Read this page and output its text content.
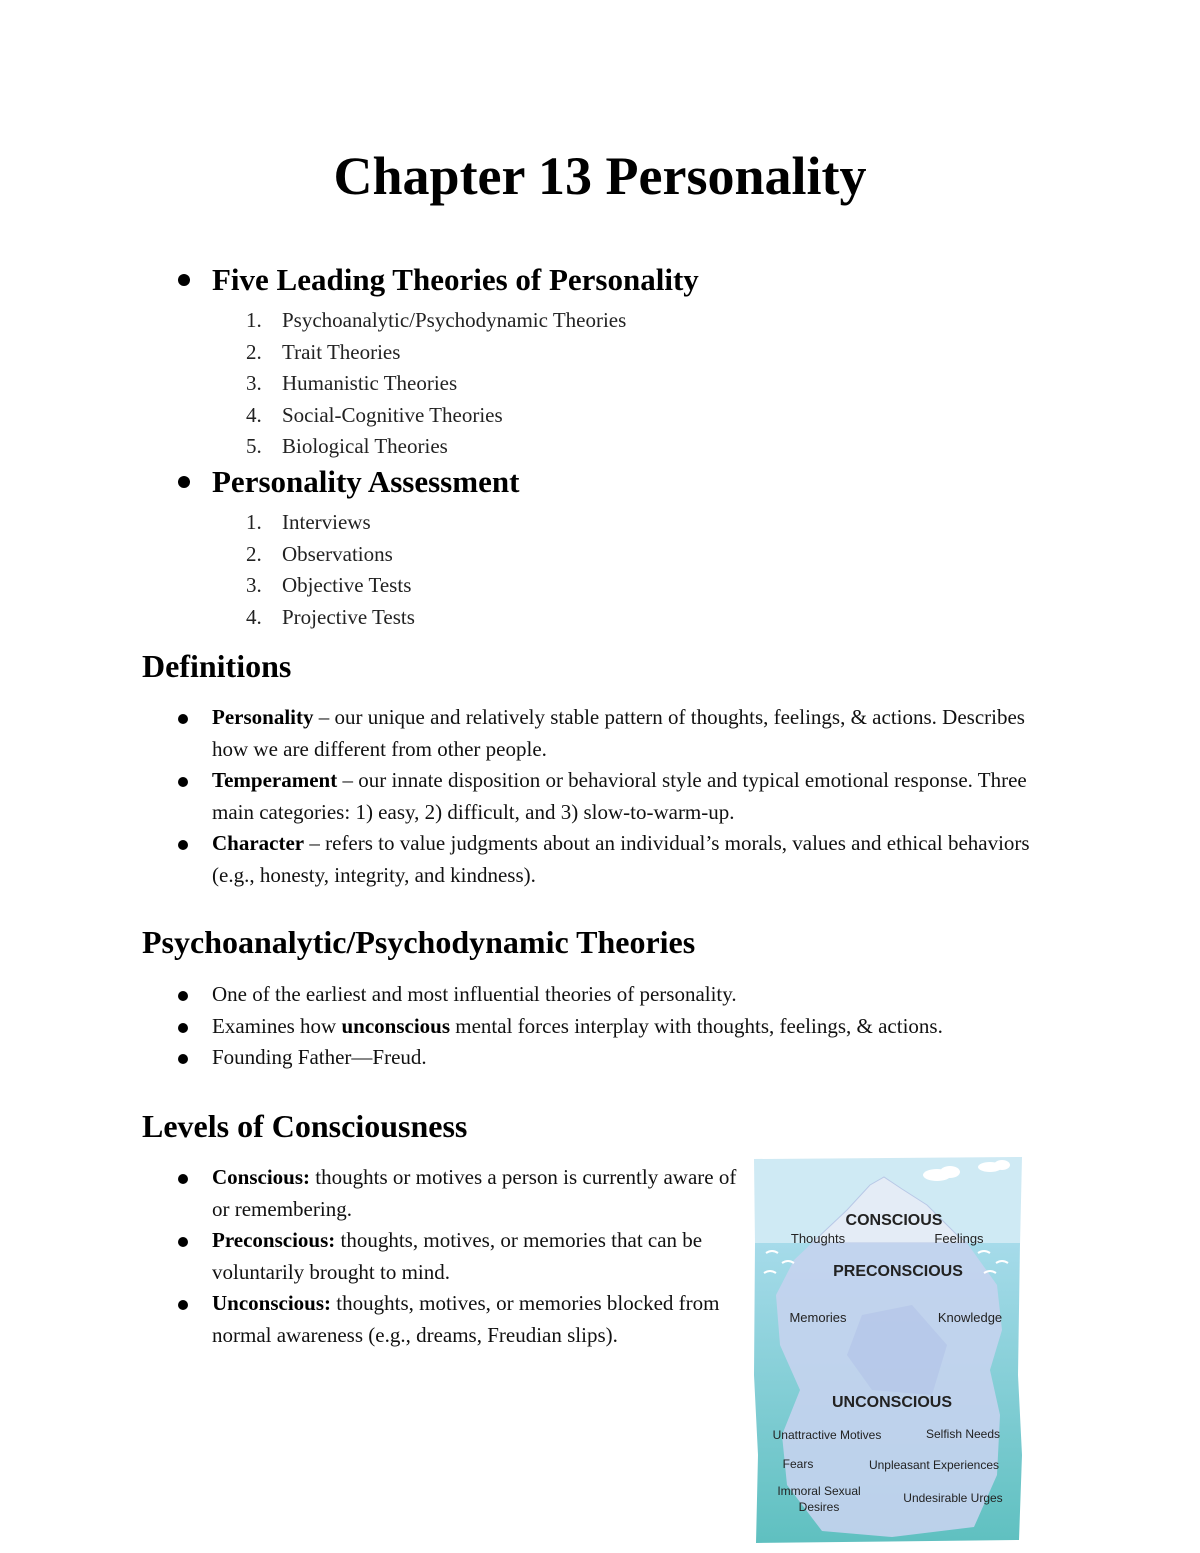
Chapter 13 Personality
Five Leading Theories of Personality
1. Psychoanalytic/Psychodynamic Theories
2. Trait Theories
3. Humanistic Theories
4. Social-Cognitive Theories
5. Biological Theories
Personality Assessment
1. Interviews
2. Observations
3. Objective Tests
4. Projective Tests
Definitions
Personality – our unique and relatively stable pattern of thoughts, feelings, & actions. Describes how we are different from other people.
Temperament – our innate disposition or behavioral style and typical emotional response. Three main categories: 1) easy, 2) difficult, and 3) slow-to-warm-up.
Character – refers to value judgments about an individual’s morals, values and ethical behaviors (e.g., honesty, integrity, and kindness).
Psychoanalytic/Psychodynamic Theories
One of the earliest and most influential theories of personality.
Examines how unconscious mental forces interplay with thoughts, feelings, & actions.
Founding Father—Freud.
Levels of Consciousness
Conscious: thoughts or motives a person is currently aware of or remembering.
Preconscious: thoughts, motives, or memories that can be voluntarily brought to mind.
Unconscious: thoughts, motives, or memories blocked from normal awareness (e.g., dreams, Freudian slips).
CONSCIOUS
Thoughts	Feelings
PRECONSCIOUS
Memories	Knowledge
UNCONSCIOUS
Unattractive Motives	Selfish Needs
Fears	Unpleasant Experiences
Immoral Sexual
Desires
Undesirable Urges
